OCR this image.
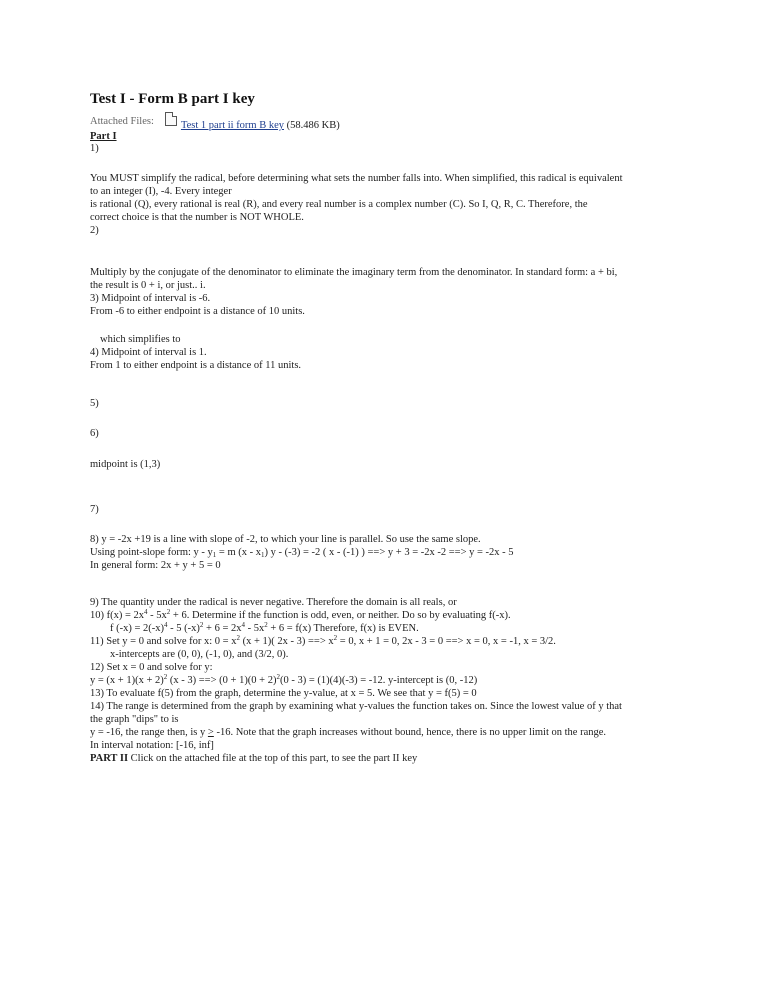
Test I - Form B part I key
Attached Files:	Test 1 part ii form B key (58.486 KB)
Part I
1)
You MUST simplify the radical, before determining what sets the number falls into. When simplified, this radical is equivalent
to an integer (I), -4. Every integer
is rational (Q), every rational is real (R), and every real number is a complex number (C). So I, Q, R, C. Therefore, the
correct choice is that the number is NOT WHOLE.
2)
Multiply by the conjugate of the denominator to eliminate the imaginary term from the denominator. In standard form: a + bi,
the result is 0 + i, or just.. i.
3) Midpoint of interval is -6.
From -6 to either endpoint is a distance of 10 units.
which simplifies to
4) Midpoint of interval is 1.
From 1 to either endpoint is a distance of 11 units.
5)
6)
midpoint is (1,3)
7)
8) y = -2x +19 is a line with slope of -2, to which your line is parallel. So use the same slope.
Using point-slope form: $y - y_1 = m$ $(x - x_1)$ y - (-3) = -2 ( x - (-1) ) ==> y + 3 = -2x -2 ==> y = -2x - 5
In general form: 2x + y + 5 = 0
9) The quantity under the radical is never negative. Therefore the domain is all reals, or
10) $f(x) = 2x^4 - 5x^2 + 6$. Determine if the function is odd, even, or neither. Do so by evaluating f(-x).
f $(-x) = 2(-x)^4 - 5$ $(-x)^2 + 6 = 2x^4 - 5x^2 + 6 = f(x)$ Therefore, f(x) is EVEN.
11) Set y = 0 and solve for x: $0 = x^2$ (x + 1)( 2x - 3) ==> $x^2 = 0$, x + 1 = 0, 2x - 3 = 0 ==> x = 0, x = -1, x = 3/2.
x-intercepts are (0, 0), (-1, 0), and (3/2, 0).
12) Set x = 0 and solve for y:
$y = (x + 1)(x + 2)^2$ (x - 3) ==> $(0 + 1)(0 + 2)^2(0 - 3) = (1)(4)(-3) = -12$. y-intercept is (0, -12)
13) To evaluate f(5) from the graph, determine the y-value, at x = 5. We see that y = f(5) = 0
14) The range is determined from the graph by examining what y-values the function takes on. Since the lowest value of y that
the graph "dips" to is
y = -16, the range then, is y ≥ -16. Note that the graph increases without bound, hence, there is no upper limit on the range.
In interval notation: [-16, inf]
PART II Click on the attached file at the top of this part, to see the part II key
